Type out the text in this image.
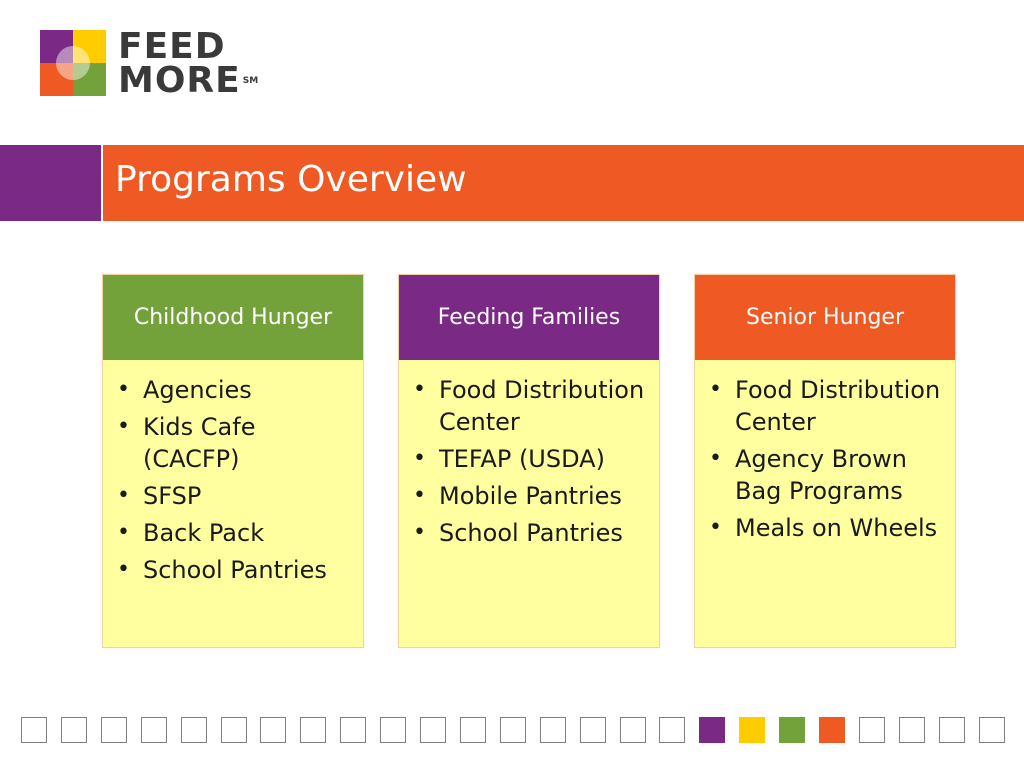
FEED
MORE ℠
Programs Overview
Childhood Hunger
• Agencies
• Kids Cafe (CACFP)
• SFSP
• Back Pack
• School Pantries
Feeding Families
• Food Distribution Center
• TEFAP (USDA)
• Mobile Pantries
• School Pantries
Senior Hunger
• Food Distribution Center
• Agency Brown Bag Programs
• Meals on Wheels
